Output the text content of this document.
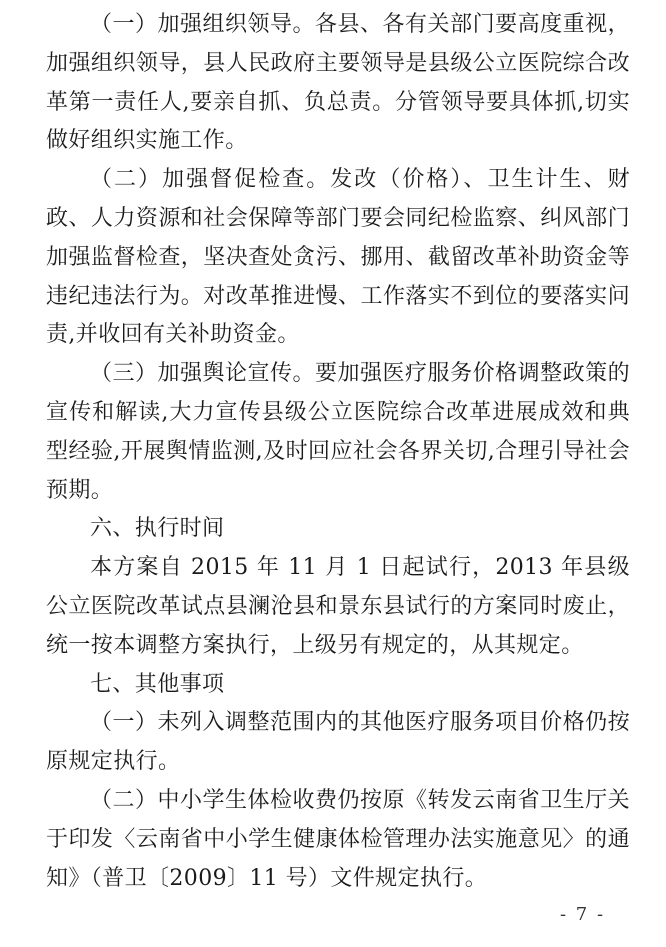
（一）加强组织领导。各县、各有关部门要高度重视，加强组织领导，县人民政府主要领导是县级公立医院综合改革第一责任人,要亲自抓、负总责。分管领导要具体抓,切实做好组织实施工作。

（二）加强督促检查。发改（价格）、卫生计生、财政、人力资源和社会保障等部门要会同纪检监察、纠风部门加强监督检查，坚决查处贪污、挪用、截留改革补助资金等违纪违法行为。对改革推进慢、工作落实不到位的要落实问责,并收回有关补助资金。

（三）加强舆论宣传。要加强医疗服务价格调整政策的宣传和解读,大力宣传县级公立医院综合改革进展成效和典型经验,开展舆情监测,及时回应社会各界关切,合理引导社会预期。

六、执行时间

本方案自 2015 年 11 月 1 日起试行，2013 年县级公立医院改革试点县澜沧县和景东县试行的方案同时废止，统一按本调整方案执行，上级另有规定的，从其规定。

七、其他事项

（一）未列入调整范围内的其他医疗服务项目价格仍按原规定执行。

（二）中小学生体检收费仍按原《转发云南省卫生厅关于印发〈云南省中小学生健康体检管理办法实施意见〉的通知》（普卫〔2009〕11 号）文件规定执行。

- 7 -
